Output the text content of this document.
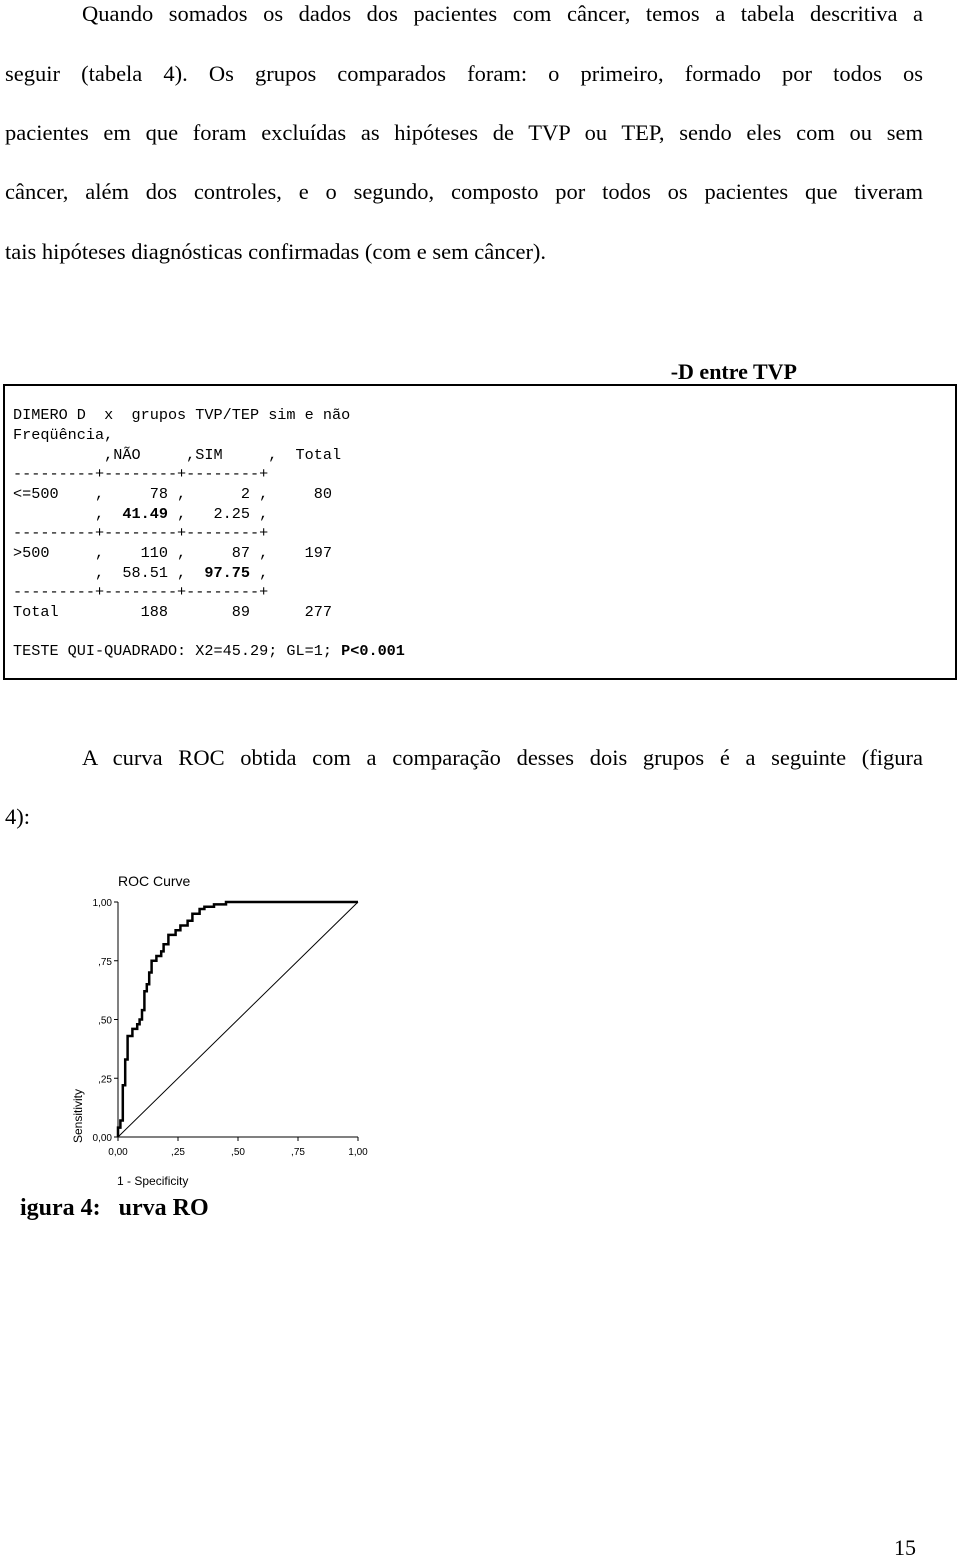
Quando somados os dados dos pacientes com câncer, temos a tabela descritiva a
seguir (tabela 4). Os grupos comparados foram: o primeiro, formado por todos os
pacientes em que foram excluídas as hipóteses de TVP ou TEP, sendo eles com ou sem
câncer, além dos controles, e o segundo, composto por todos os pacientes que tiveram
tais hipóteses diagnósticas confirmadas (com e sem câncer).
-D entre TVP
DIMERO D  x  grupos TVP/TEP sim e não
Freqüência,
,NÃO     ,SIM     ,  Total
---------+--------+--------+
<=500    ,     78 ,      2 ,     80
,  41.49 ,   2.25 ,
---------+--------+--------+
>500     ,    110 ,     87 ,    197
,  58.51 ,  97.75 ,
---------+--------+--------+
Total         188       89      277
TESTE QUI-QUADRADO: X2=45.29; GL=1; P<0.001
A curva ROC obtida com a comparação desses dois grupos é a seguinte (figura
4):
ROC Curve
0,00
0,00
,25
,25
,50
,50
,75
,75
1,00
1,00
1 - Specificity
Sensitivity
igura 4: urva RO
15
